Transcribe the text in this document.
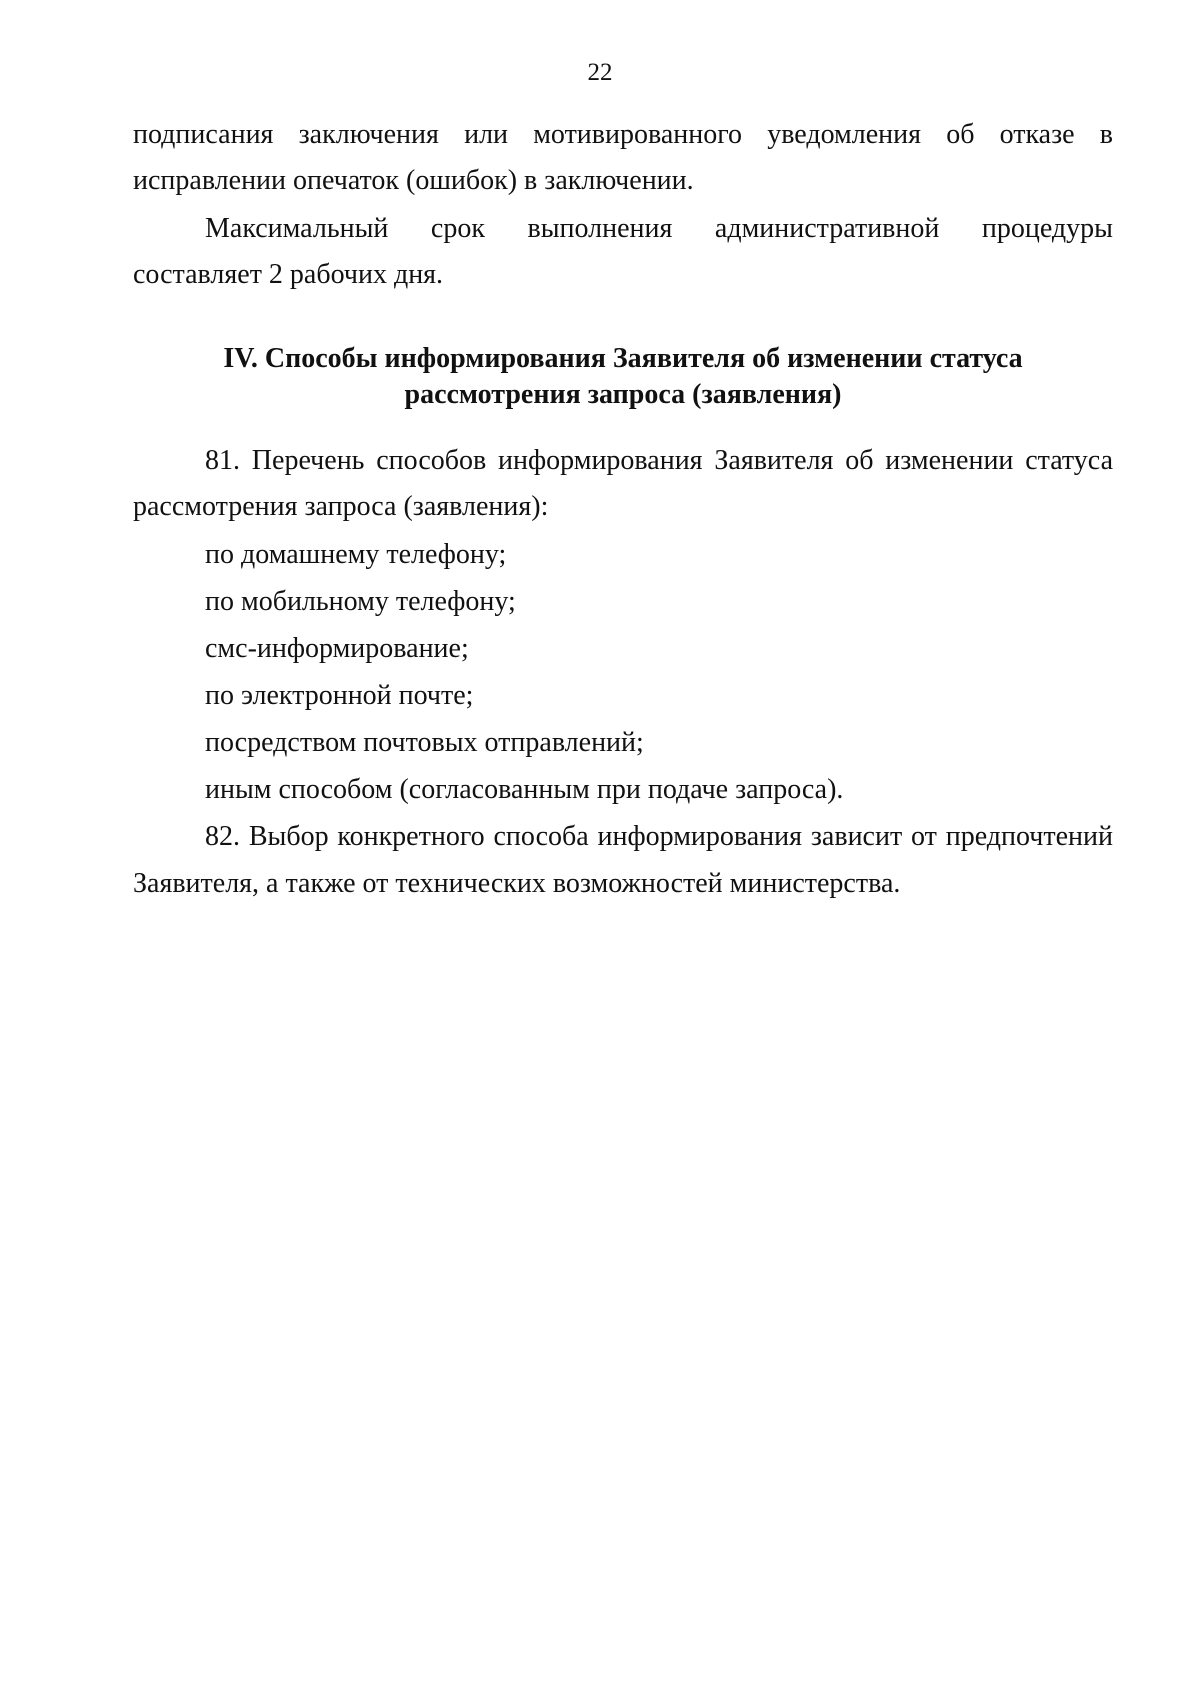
22
подписания заключения или мотивированного уведомления об отказе в
исправлении опечаток (ошибок) в заключении.
Максимальный срок выполнения административной процедуры
составляет 2 рабочих дня.
IV. Способы информирования Заявителя об изменении статуса
рассмотрения запроса (заявления)
81. Перечень способов информирования Заявителя об изменении статуса
рассмотрения запроса (заявления):
по домашнему телефону;
по мобильному телефону;
смс-информирование;
по электронной почте;
посредством почтовых отправлений;
иным способом (согласованным при подаче запроса).
82. Выбор конкретного способа информирования зависит от предпочтений
Заявителя, а также от технических возможностей министерства.
